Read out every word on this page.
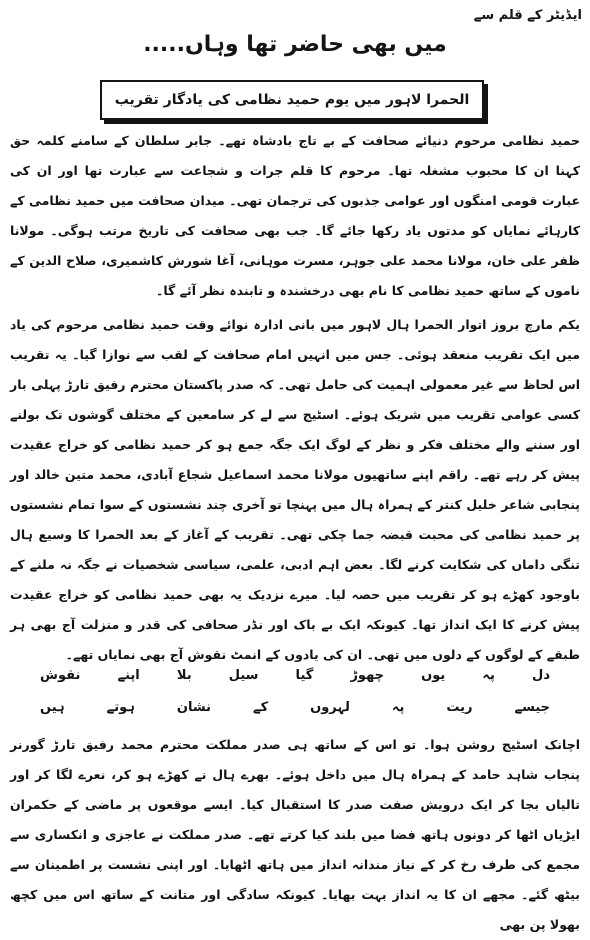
ایڈیٹر کے قلم سے
میں بھی حاضر تھا وہاں.....
الحمرا لاہور میں یوم حمید نظامی کی یادگار تقریب

حمید نظامی مرحوم دنیائے صحافت کے بے تاج بادشاہ تھے۔ جابر سلطان کے سامنے کلمہ حق کہنا ان کا محبوب مشغلہ تھا۔ مرحوم کا قلم جرات و شجاعت سے عبارت تھا اور ان کی عبارت قومی امنگوں اور عوامی جذبوں کی ترجمان تھی۔ میدان صحافت میں حمید نظامی کے کارہائے نمایاں کو مدتوں یاد رکھا جائے گا۔ جب بھی صحافت کی تاریخ مرتب ہوگی۔ مولانا ظفر علی خان، مولانا محمد علی جوہر، مسرت موہانی، آغا شورش کاشمیری، صلاح الدین کے ناموں کے ساتھ حمید نظامی کا نام بھی درخشندہ و تابندہ نظر آئے گا۔

یکم مارچ بروز اتوار الحمرا ہال لاہور میں بانی ادارہ نوائے وقت حمید نظامی مرحوم کی یاد میں ایک تقریب منعقد ہوئی۔ جس میں انہیں امام صحافت کے لقب سے نوازا گیا۔ یہ تقریب اس لحاظ سے غیر معمولی اہمیت کی حامل تھی۔ کہ صدر پاکستان محترم رفیق تارڑ پہلی بار کسی عوامی تقریب میں شریک ہوئے۔ اسٹیج سے لے کر سامعین کے مختلف گوشوں تک بولنے اور سننے والے مختلف فکر و نظر کے لوگ ایک جگہ جمع ہو کر حمید نظامی کو خراج عقیدت پیش کر رہے تھے۔ راقم اپنے ساتھیوں مولانا محمد اسماعیل شجاع آبادی، محمد متین خالد اور پنجابی شاعر خلیل کنتر کے ہمراہ ہال میں پہنچا تو آخری چند نشستوں کے سوا تمام نشستوں پر حمید نظامی کی محبت قبضہ جما چکی تھی۔ تقریب کے آغاز کے بعد الحمرا کا وسیع ہال تنگی داماں کی شکایت کرنے لگا۔ بعض اہم ادبی، علمی، سیاسی شخصیات نے جگہ نہ ملنے کے باوجود کھڑے ہو کر تقریب میں حصہ لیا۔ میرے نزدیک یہ بھی حمید نظامی کو خراج عقیدت پیش کرنے کا ایک انداز تھا۔ کیونکہ ایک بے باک اور نڈر صحافی کی قدر و منزلت آج بھی ہر طبقے کے لوگوں کے دلوں میں تھی۔ ان کی یادوں کے انمٹ نقوش آج بھی نمایاں تھے۔

دل پہ یوں چھوڑ گیا سیل بلا اپنے نقوش
جیسے ریت پہ لہروں کے نشان ہوتے ہیں

اچانک اسٹیج روشن ہوا۔ تو اس کے ساتھ ہی صدر مملکت محترم محمد رفیق تارڑ گورنر پنجاب شاہد حامد کے ہمراہ ہال میں داخل ہوئے۔ بھرے ہال نے کھڑے ہو کر، نعرے لگا کر اور تالیاں بجا کر ایک درویش صفت صدر کا استقبال کیا۔ ایسے موقعوں پر ماضی کے حکمران ایڑیاں اٹھا کر دونوں ہاتھ فضا میں بلند کیا کرتے تھے۔ صدر مملکت نے عاجزی و انکساری سے مجمع کی طرف رخ کر کے نیاز مندانہ انداز میں ہاتھ اٹھایا۔ اور اپنی نشست پر اطمینان سے بیٹھ گئے۔ مجھے ان کا یہ انداز بہت بھایا۔ کیونکہ سادگی اور متانت کے ساتھ اس میں کچھ بھولا پن بھی
